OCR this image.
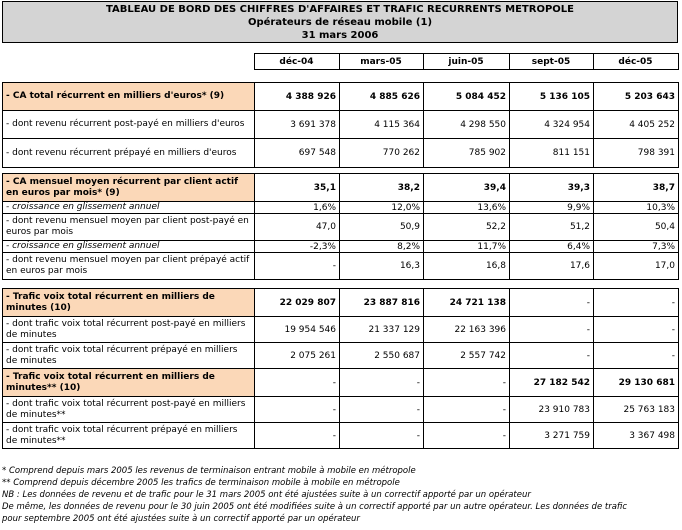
TABLEAU DE BORD DES CHIFFRES D'AFFAIRES ET TRAFIC RECURRENTS METROPOLE
Opérateurs de réseau mobile (1)
31 mars 2006
	déc-04	mars-05	juin-05	sept-05	déc-05
- CA total récurrent en milliers d'euros* (9)	4 388 926	4 885 626	5 084 452	5 136 105	5 203 643
- dont revenu récurrent post-payé en milliers d'euros	3 691 378	4 115 364	4 298 550	4 324 954	4 405 252
- dont revenu récurrent prépayé en milliers d'euros	697 548	770 262	785 902	811 151	798 391
- CA mensuel moyen récurrent par client actif en euros par mois* (9)	35,1	38,2	39,4	39,3	38,7
- croissance en glissement annuel	1,6%	12,0%	13,6%	9,9%	10,3%
- dont revenu mensuel moyen par client post-payé en euros par mois	47,0	50,9	52,2	51,2	50,4
- croissance en glissement annuel	-2,3%	8,2%	11,7%	6,4%	7,3%
- dont revenu mensuel moyen par client prépayé actif en euros par mois	-	16,3	16,8	17,6	17,0
- Trafic voix total récurrent en milliers de minutes (10)	22 029 807	23 887 816	24 721 138	-	-
- dont trafic voix total récurrent post-payé en milliers de minutes	19 954 546	21 337 129	22 163 396	-	-
- dont trafic voix total récurrent prépayé en milliers de minutes	2 075 261	2 550 687	2 557 742	-	-
- Trafic voix total récurrent en milliers de minutes** (10)	-	-	-	27 182 542	29 130 681
- dont trafic voix total récurrent post-payé en milliers de minutes**	-	-	-	23 910 783	25 763 183
- dont trafic voix total récurrent prépayé en milliers de minutes**	-	-	-	3 271 759	3 367 498
* Comprend depuis mars 2005 les revenus de terminaison entrant mobile à mobile en métropole
** Comprend depuis décembre 2005 les trafics de terminaison mobile à mobile en métropole
NB : Les données de revenu et de trafic pour le 31 mars 2005 ont été ajustées suite à un correctif apporté par un opérateur
De même, les données de revenu pour le 30 juin 2005 ont été modifiées suite à un correctif apporté par un autre opérateur. Les données de trafic
pour septembre 2005 ont été ajustées suite à un correctif apporté par un opérateur
